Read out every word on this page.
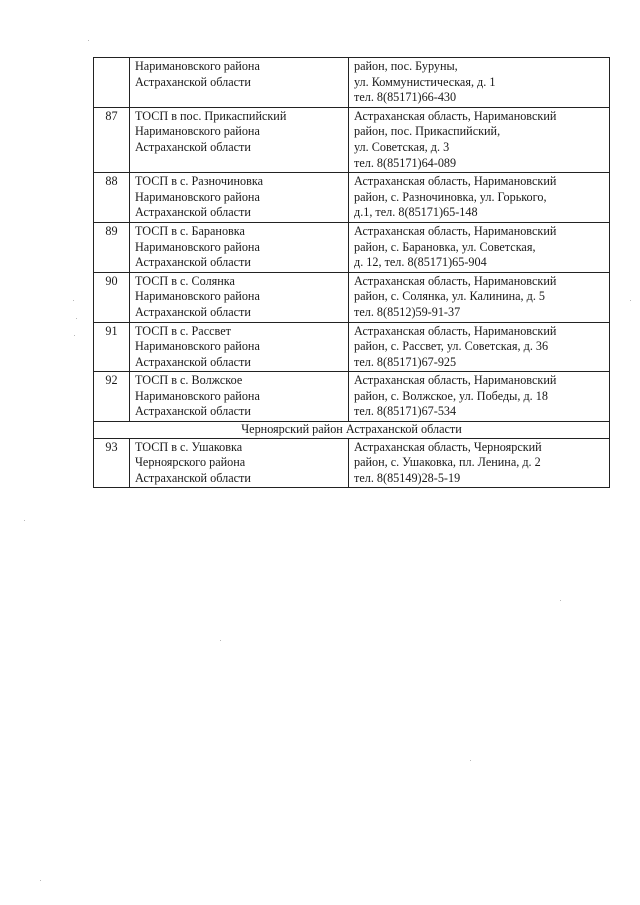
	Наримановского района
Астраханской области	район, пос. Буруны,
ул. Коммунистическая, д. 1
тел. 8(85171)66-430
87	ТОСП в пос. Прикаспийский
Наримановского района
Астраханской области	Астраханская область, Наримановский
район, пос. Прикаспийский,
ул. Советская, д. 3
тел. 8(85171)64-089
88	ТОСП в с. Разночиновка
Наримановского района
Астраханской области	Астраханская область, Наримановский
район, с. Разночиновка, ул. Горького,
д.1, тел. 8(85171)65-148
89	ТОСП в с. Барановка
Наримановского района
Астраханской области	Астраханская область, Наримановский
район, с. Барановка, ул. Советская,
д. 12, тел. 8(85171)65-904
90	ТОСП в с. Солянка
Наримановского района
Астраханской области	Астраханская область, Наримановский
район, с. Солянка, ул. Калинина, д. 5
тел. 8(8512)59-91-37
91	ТОСП в с. Рассвет
Наримановского района
Астраханской области	Астраханская область, Наримановский
район, с. Рассвет, ул. Советская, д. 36
тел. 8(85171)67-925
92	ТОСП в с. Волжское
Наримановского района
Астраханской области	Астраханская область, Наримановский
район, с. Волжское, ул. Победы, д. 18
тел. 8(85171)67-534
Черноярский район Астраханской области		
93	ТОСП в с. Ушаковка
Черноярского района
Астраханской области	Астраханская область, Черноярский
район, с. Ушаковка, пл. Ленина, д. 2
тел. 8(85149)28-5-19
